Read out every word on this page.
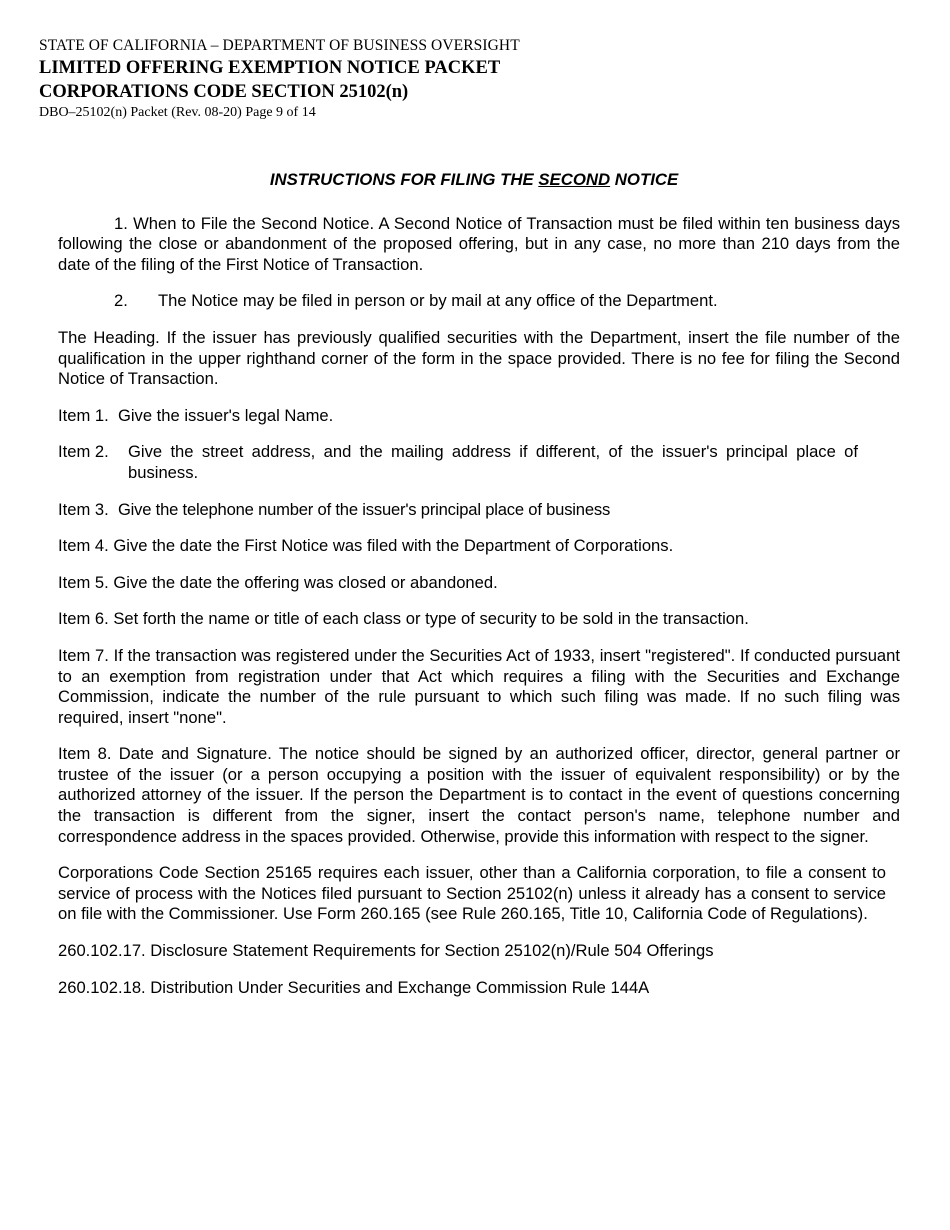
STATE OF CALIFORNIA – DEPARTMENT OF BUSINESS OVERSIGHT
LIMITED OFFERING EXEMPTION NOTICE PACKET
CORPORATIONS CODE SECTION 25102(n)
DBO–25102(n) Packet (Rev. 08-20) Page 9 of 14
INSTRUCTIONS FOR FILING THE SECOND NOTICE

1. When to File the Second Notice. A Second Notice of Transaction must be filed within ten business days following the close or abandonment of the proposed offering, but in any case, no more than 210 days from the date of the filing of the First Notice of Transaction.

2.	The Notice may be filed in person or by mail at any office of the Department.

The Heading. If the issuer has previously qualified securities with the Department, insert the file number of the qualification in the upper righthand corner of the form in the space provided. There is no fee for filing the Second Notice of Transaction.

Item 1. Give the issuer's legal Name.
Item 2. Give the street address, and the mailing address if different, of the issuer's principal place of business.
Item 3. Give the telephone number of the issuer's principal place of business
Item 4. Give the date the First Notice was filed with the Department of Corporations.
Item 5. Give the date the offering was closed or abandoned.

Item 6. Set forth the name or title of each class or type of security to be sold in the transaction.

Item 7. If the transaction was registered under the Securities Act of 1933, insert "registered". If conducted pursuant to an exemption from registration under that Act which requires a filing with the Securities and Exchange Commission, indicate the number of the rule pursuant to which such filing was made. If no such filing was required, insert "none".

Item 8. Date and Signature. The notice should be signed by an authorized officer, director, general partner or trustee of the issuer (or a person occupying a position with the issuer of equivalent responsibility) or by the authorized attorney of the issuer. If the person the Department is to contact in the event of questions concerning the transaction is different from the signer, insert the contact person's name, telephone number and correspondence address in the spaces provided. Otherwise, provide this information with respect to the signer.

Corporations Code Section 25165 requires each issuer, other than a California corporation, to file a consent to service of process with the Notices filed pursuant to Section 25102(n) unless it already has a consent to service on file with the Commissioner. Use Form 260.165 (see Rule 260.165, Title 10, California Code of Regulations).

260.102.17. Disclosure Statement Requirements for Section 25102(n)/Rule 504 Offerings

260.102.18. Distribution Under Securities and Exchange Commission Rule 144A
